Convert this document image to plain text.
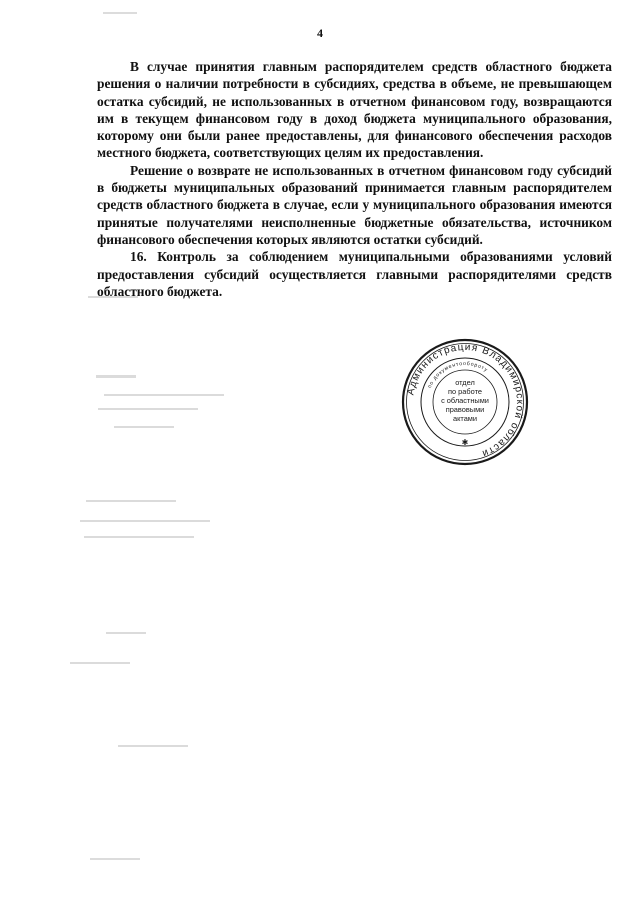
4

В случае принятия главным распорядителем средств областного бюджета решения о наличии потребности в субсидиях, средства в объеме, не превышающем остатка субсидий, не использованных в отчетном финансовом году, возвращаются им в текущем финансовом году в доход бюджета муниципального образования, которому они были ранее предоставлены, для финансового обеспечения расходов местного бюджета, соответствующих целям их предоставления.

Решение о возврате не использованных в отчетном финансовом году субсидий в бюджеты муниципальных образований принимается главным распорядителем средств областного бюджета в случае, если у муниципального образования имеются принятые получателями неисполненные бюджетные обязательства, источником финансового обеспечения которых являются остатки субсидий.

16. Контроль за соблюдением муниципальными образованиями условий предоставления субсидий осуществляется главными распорядителями средств областного бюджета.

Администрация Владимирской области
по документообороту
отдел
по работе
с областными
правовыми
актами
✱
